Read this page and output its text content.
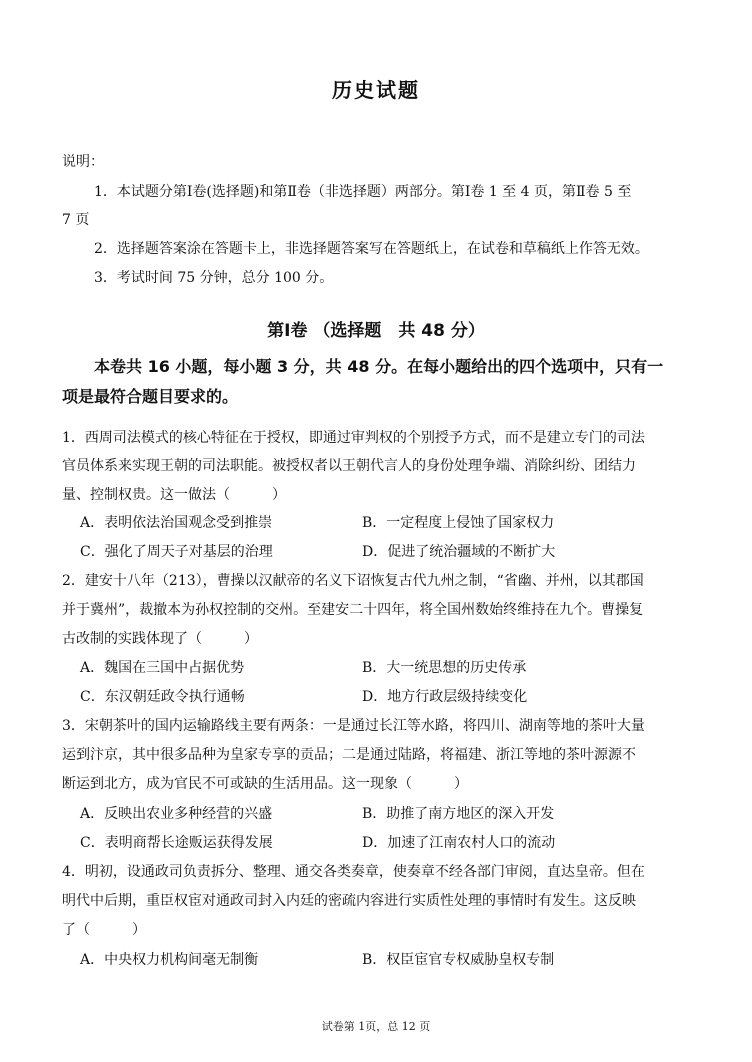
历史试题
说明：
1．本试题分第Ⅰ卷(选择题)和第Ⅱ卷（非选择题）两部分。第Ⅰ卷 1 至 4 页，第Ⅱ卷 5 至
7 页
2．选择题答案涂在答题卡上，非选择题答案写在答题纸上，在试卷和草稿纸上作答无效。
3．考试时间 75 分钟，总分 100 分。
第Ⅰ卷 （选择题　共 48 分）
本卷共 16 小题，每小题 3 分，共 48 分。在每小题给出的四个选项中，只有一
项是最符合题目要求的。
1．西周司法模式的核心特征在于授权，即通过审判权的个别授予方式，而不是建立专门的司法
官员体系来实现王朝的司法职能。被授权者以王朝代言人的身份处理争端、消除纠纷、团结力
量、控制权贵。这一做法（　　　）
A．表明依法治国观念受到推崇	B．一定程度上侵蚀了国家权力
C．强化了周天子对基层的治理	D．促进了统治疆域的不断扩大
2．建安十八年（213），曹操以汉献帝的名义下诏恢复古代九州之制，“省幽、并州，以其郡国
并于冀州”，裁撤本为孙权控制的交州。至建安二十四年，将全国州数始终维持在九个。曹操复
古改制的实践体现了（　　　）
A．魏国在三国中占据优势	B．大一统思想的历史传承
C．东汉朝廷政令执行通畅	D．地方行政层级持续变化
3．宋朝茶叶的国内运输路线主要有两条：一是通过长江等水路，将四川、湖南等地的茶叶大量
运到汴京，其中很多品种为皇家专享的贡品；二是通过陆路，将福建、浙江等地的茶叶源源不
断运到北方，成为官民不可或缺的生活用品。这一现象（　　　）
A．反映出农业多种经营的兴盛	B．助推了南方地区的深入开发
C．表明商帮长途贩运获得发展	D．加速了江南农村人口的流动
4．明初，设通政司负责拆分、整理、通交各类奏章，使奏章不经各部门审阅，直达皇帝。但在
明代中后期，重臣权宦对通政司封入内廷的密疏内容进行实质性处理的事情时有发生。这反映
了（　　　）
A．中央权力机构间毫无制衡	B．权臣宦官专权威胁皇权专制
试卷第 1页，总 12 页
